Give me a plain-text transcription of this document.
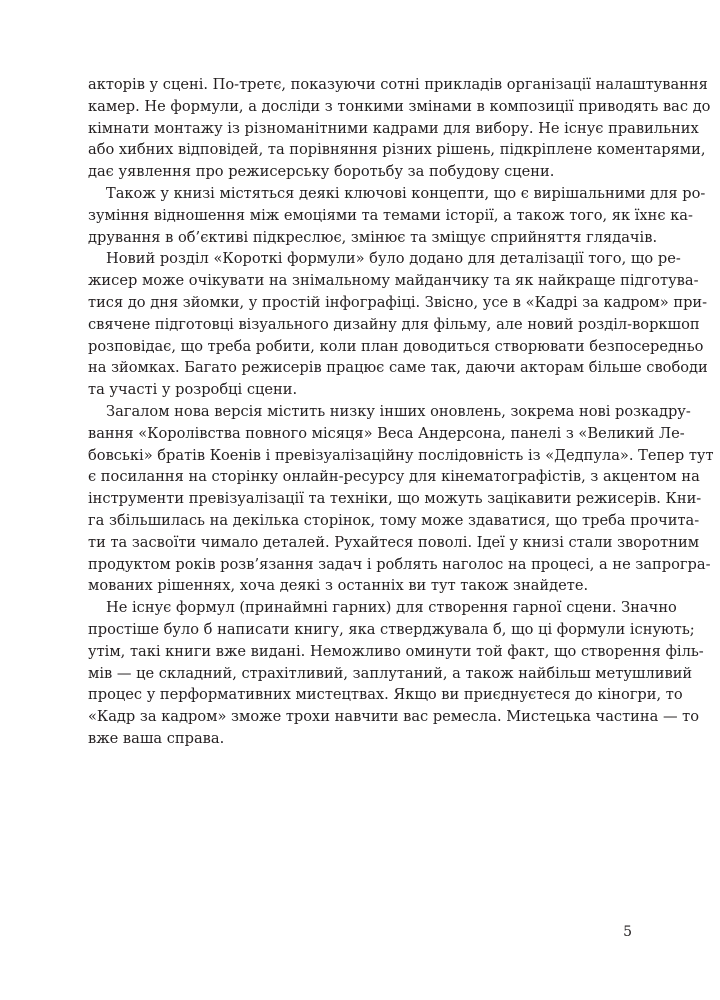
акторів у сцені. По-третє, показуючи сотні прикладів організації налаштування
камер. Не формули, а досліди з тонкими змінами в композиції приводять вас до
кімнати монтажу із різноманітними кадрами для вибору. Не існує правильних
або хибних відповідей, та порівняння різних рішень, підкріплене коментарями,
дає уявлення про режисерську боротьбу за побудову сцени.
Також у книзі містяться деякі ключові концепти, що є вирішальними для ро-
зуміння відношення між емоціями та темами історії, а також того, як їхнє ка-
дрування в об’єктиві підкреслює, змінює та зміщує сприйняття глядачів.
Новий розділ «Короткі формули» було додано для деталізації того, що ре-
жисер може очікувати на знімальному майданчику та як найкраще підготува-
тися до дня зйомки, у простій інфографіці. Звісно, усе в «Кадрі за кадром» при-
свячене підготовці візуального дизайну для фільму, але новий розділ-воркшоп
розповідає, що треба робити, коли план доводиться створювати безпосередньо
на зйомках. Багато режисерів працює саме так, даючи акторам більше свободи
та участі у розробці сцени.
Загалом нова версія містить низку інших оновлень, зокрема нові розкадру-
вання «Королівства повного місяця» Веса Андерсона, панелі з «Великий Ле-
бовські» братів Коенів і превізуалізаційну послідовність із «Дедпула». Тепер тут
є посилання на сторінку онлайн-ресурсу для кінематографістів, з акцентом на
інструменти превізуалізації та техніки, що можуть зацікавити режисерів. Кни-
га збільшилась на декілька сторінок, тому може здаватися, що треба прочита-
ти та засвоїти чимало деталей. Рухайтеся поволі. Ідеї у книзі стали зворотним
продуктом років розв’язання задач і роблять наголос на процесі, а не запрогра-
мованих рішеннях, хоча деякі з останніх ви тут також знайдете.
Не існує формул (принаймні гарних) для створення гарної сцени. Значно
простіше було б написати книгу, яка стверджувала б, що ці формули існують;
утім, такі книги вже видані. Неможливо оминути той факт, що створення філь-
мів — це складний, страхітливий, заплутаний, а також найбільш метушливий
процес у перформативних мистецтвах. Якщо ви приєднуєтеся до кіногри, то
«Кадр за кадром» зможе трохи навчити вас ремесла. Мистецька частина — то
вже ваша справа.
5
